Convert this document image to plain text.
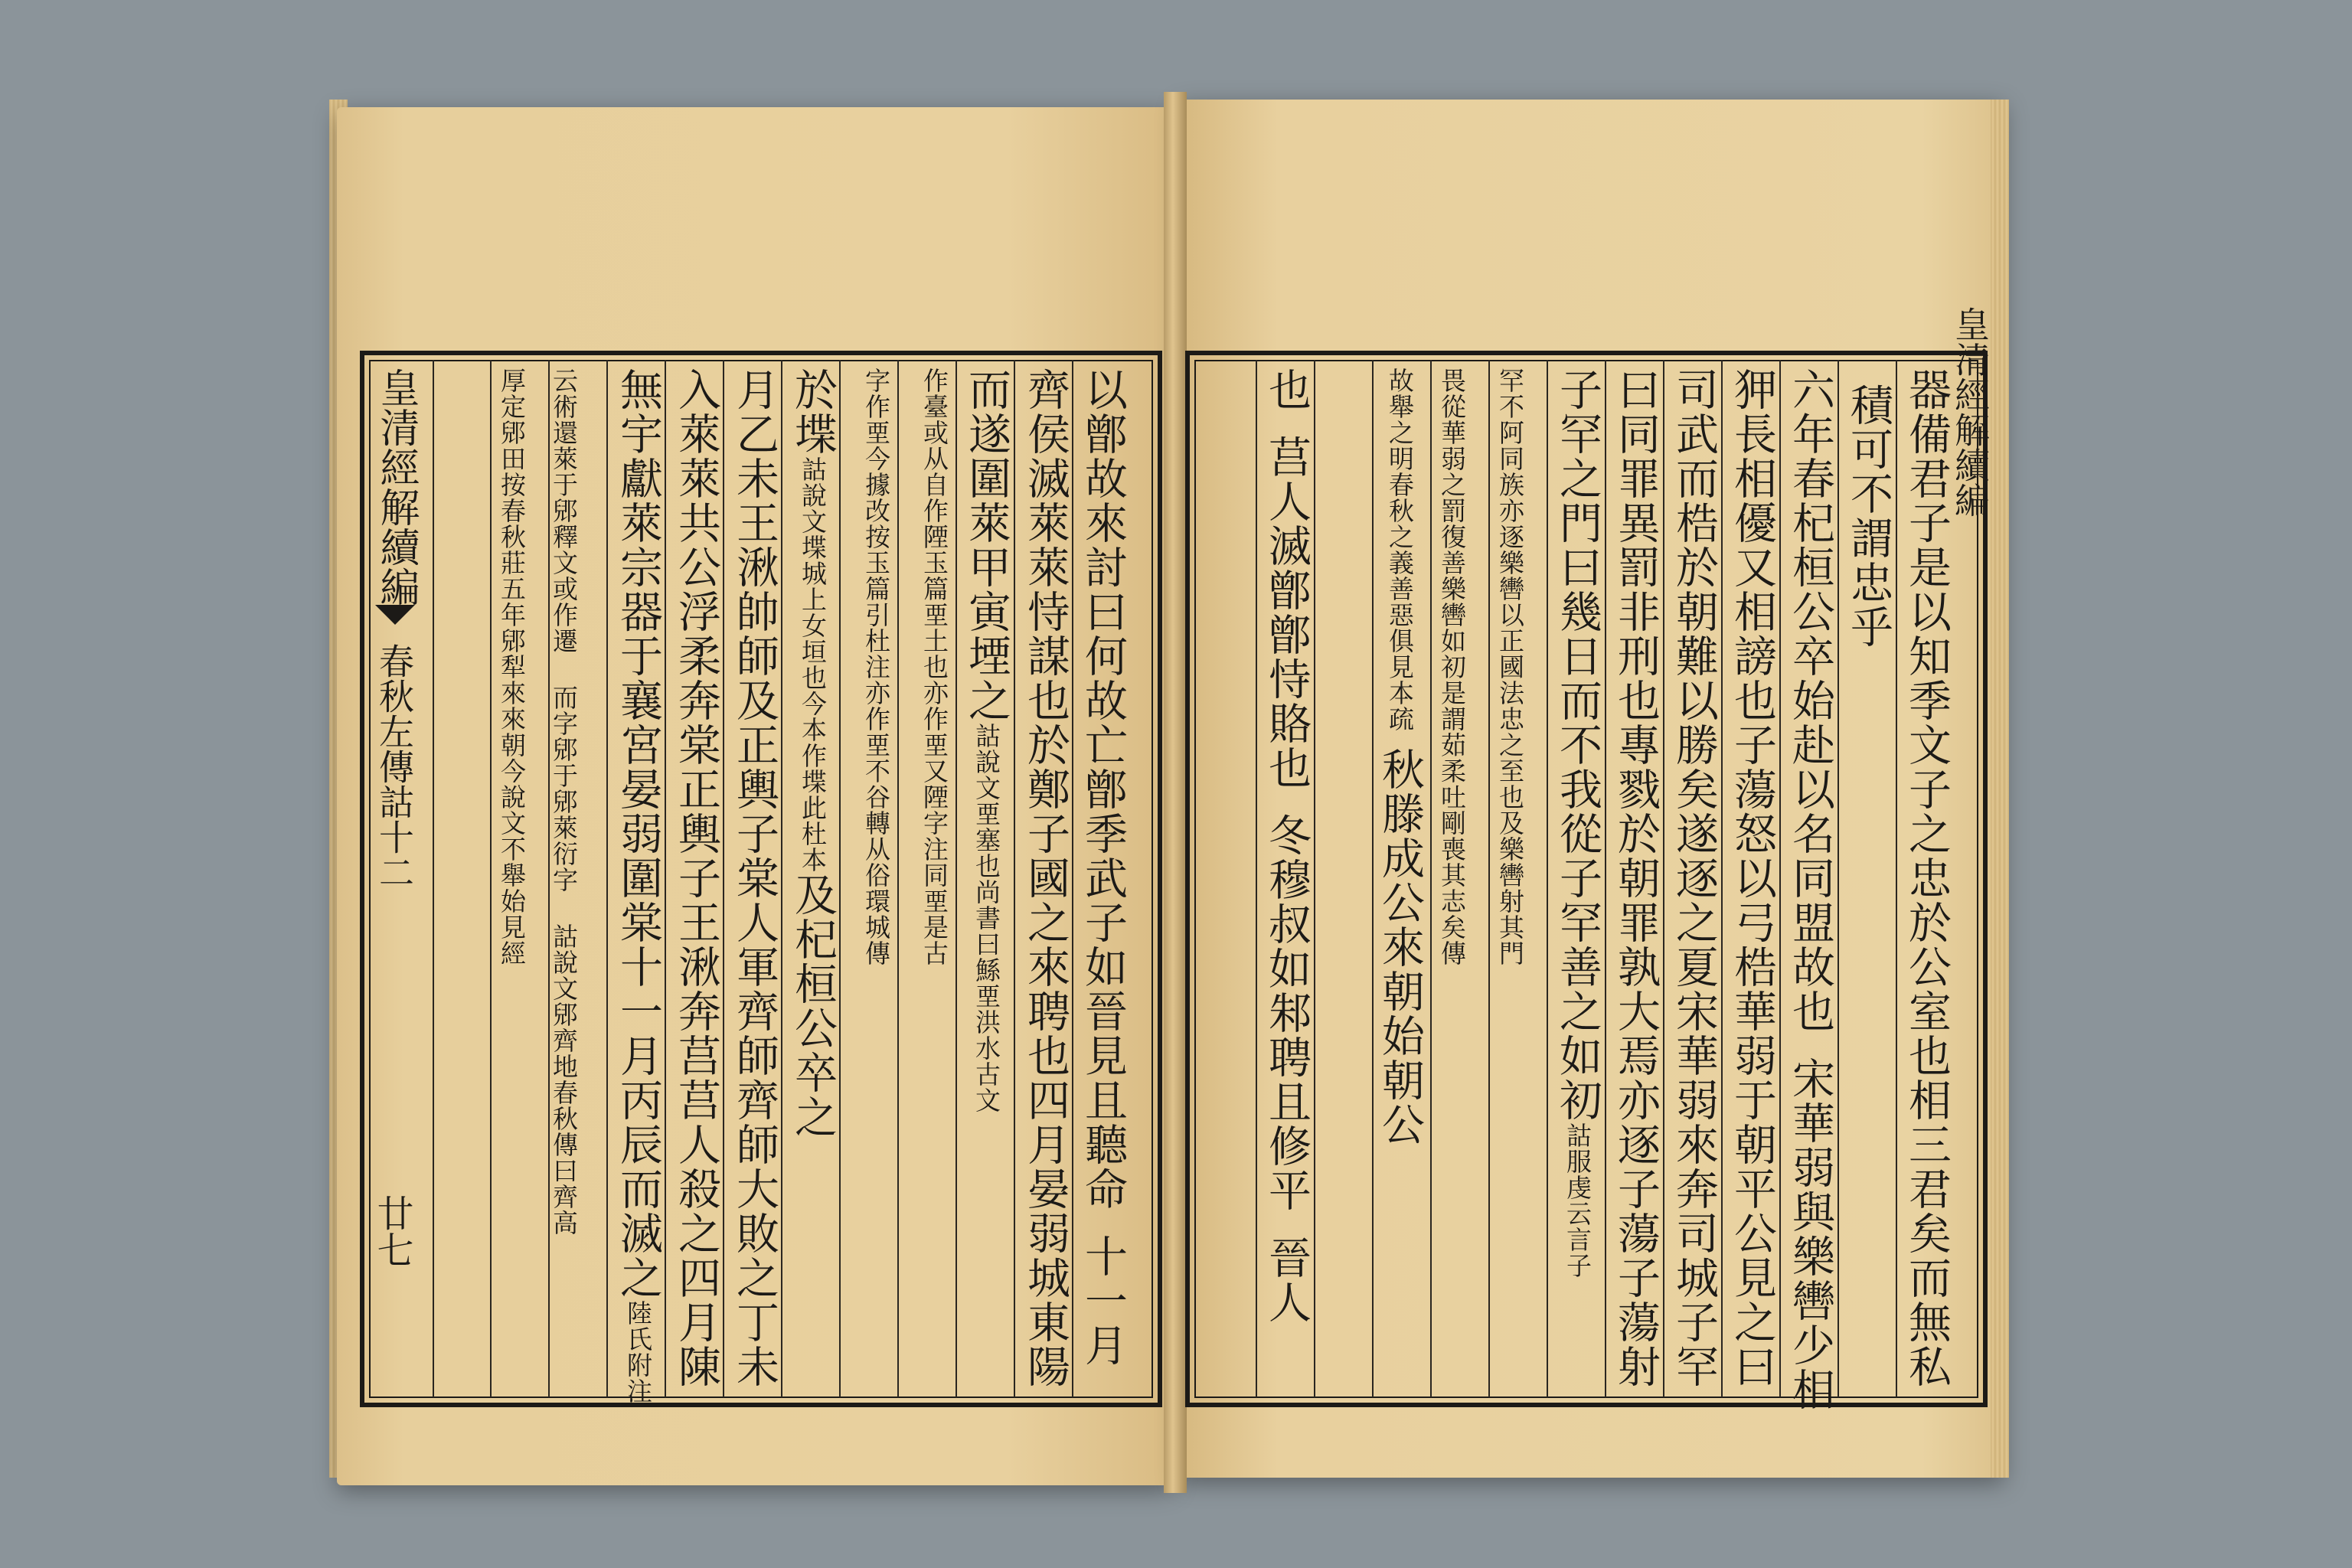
皇清經解續編
春秋左傳詁十二
廿七
以鄫故來討曰何故亡鄫季武子如晉見且聽命十一月
齊侯滅萊萊恃謀也於鄭子國之來聘也四月晏弱城東陽
而遂圍萊甲寅堙之詁說文垔塞也尚書曰鯀垔洪水古文
作臺或从自作陻玉篇垔土也亦作垔又陻字注同垔是古
字作垔今據改按玉篇引杜注亦作垔不谷轉从俗環城傳
於堞詁說文堞城上女垣也今本作堞此杜本及杞桓公卒之
月乙未王湫帥師及正輿子棠人軍齊師齊師大敗之丁未
入萊萊共公浮柔奔棠正輿子王湫奔莒莒人殺之四月陳
無宇獻萊宗器于襄宮晏弱圍棠十一月丙辰而滅之陸氏附注
云術還萊于郳釋文或作遷 而字郳于郳萊衍字 詁說文郳齊地春秋傳曰齊高
厚定郳田按春秋莊五年郳犁來來朝今說文不舉始見經	皇清經解續編
器備君子是以知季文子之忠於公室也相三君矣而無私
積可不謂忠乎
六年春杞桓公卒始赴以名同盟故也宋華弱與樂轡少相
狎長相優又相謗也子蕩怒以弓梏華弱于朝平公見之曰
司武而梏於朝難以勝矣遂逐之夏宋華弱來奔司城子罕
曰同罪異罰非刑也專戮於朝罪孰大焉亦逐子蕩子蕩射
子罕之門曰幾日而不我從子罕善之如初詁服虔云言子
罕不阿同族亦逐樂轡以正國法忠之至也及樂轡射其門
畏從華弱之罰復善樂轡如初是謂茹柔吐剛喪其志矣傳
故舉之明春秋之義善惡俱見本疏秋滕成公來朝始朝公
也莒人滅鄫鄫恃賂也冬穆叔如邾聘且修平晉人
